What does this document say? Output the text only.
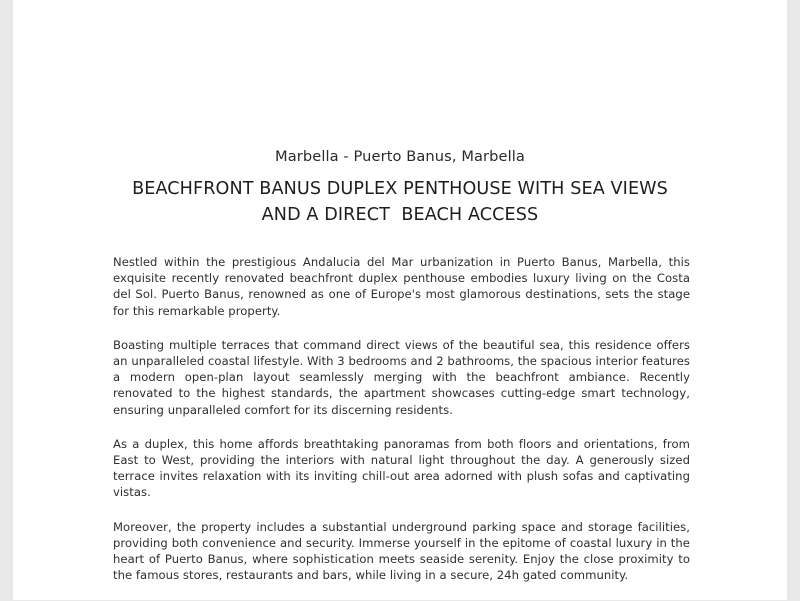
Marbella - Puerto Banus, Marbella
BEACHFRONT BANUS DUPLEX PENTHOUSE WITH SEA VIEWS
AND A DIRECT  BEACH ACCESS

Nestled within the prestigious Andalucia del Mar urbanization in Puerto Banus, Marbella, this exquisite recently renovated beachfront duplex penthouse embodies luxury living on the Costa del Sol. Puerto Banus, renowned as one of Europe's most glamorous destinations, sets the stage for this remarkable property.

Boasting multiple terraces that command direct views of the beautiful sea, this residence offers an unparalleled coastal lifestyle. With 3 bedrooms and 2 bathrooms, the spacious interior features a modern open-plan layout seamlessly merging with the beachfront ambiance. Recently renovated to the highest standards, the apartment showcases cutting-edge smart technology, ensuring unparalleled comfort for its discerning residents.

As a duplex, this home affords breathtaking panoramas from both floors and orientations, from East to West, providing the interiors with natural light throughout the day. A generously sized terrace invites relaxation with its inviting chill-out area adorned with plush sofas and captivating vistas.

Moreover, the property includes a substantial underground parking space and storage facilities, providing both convenience and security. Immerse yourself in the epitome of coastal luxury in the heart of Puerto Banus, where sophistication meets seaside serenity. Enjoy the close proximity to the famous stores, restaurants and bars, while living in a secure, 24h gated community.
